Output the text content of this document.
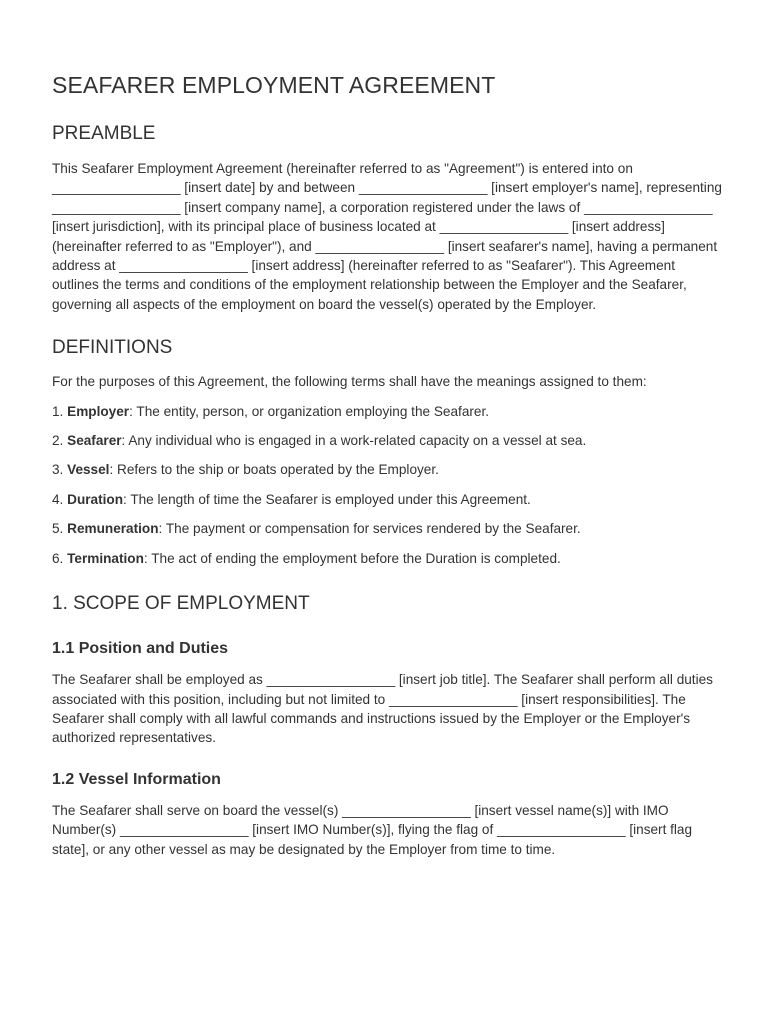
SEAFARER EMPLOYMENT AGREEMENT
PREAMBLE

This Seafarer Employment Agreement (hereinafter referred to as "Agreement") is entered into on _________________ [insert date] by and between _________________ [insert employer's name], representing _________________ [insert company name], a corporation registered under the laws of _________________ [insert jurisdiction], with its principal place of business located at _________________ [insert address] (hereinafter referred to as "Employer"), and _________________ [insert seafarer's name], having a permanent address at _________________ [insert address] (hereinafter referred to as "Seafarer"). This Agreement outlines the terms and conditions of the employment relationship between the Employer and the Seafarer, governing all aspects of the employment on board the vessel(s) operated by the Employer.

DEFINITIONS

For the purposes of this Agreement, the following terms shall have the meanings assigned to them:

1. Employer: The entity, person, or organization employing the Seafarer.

2. Seafarer: Any individual who is engaged in a work-related capacity on a vessel at sea.

3. Vessel: Refers to the ship or boats operated by the Employer.

4. Duration: The length of time the Seafarer is employed under this Agreement.

5. Remuneration: The payment or compensation for services rendered by the Seafarer.

6. Termination: The act of ending the employment before the Duration is completed.

1. SCOPE OF EMPLOYMENT
1.1 Position and Duties

The Seafarer shall be employed as _________________ [insert job title]. The Seafarer shall perform all duties associated with this position, including but not limited to _________________ [insert responsibilities]. The Seafarer shall comply with all lawful commands and instructions issued by the Employer or the Employer's authorized representatives.

1.2 Vessel Information

The Seafarer shall serve on board the vessel(s) _________________ [insert vessel name(s)] with IMO Number(s) _________________ [insert IMO Number(s)], flying the flag of _________________ [insert flag state], or any other vessel as may be designated by the Employer from time to time.
